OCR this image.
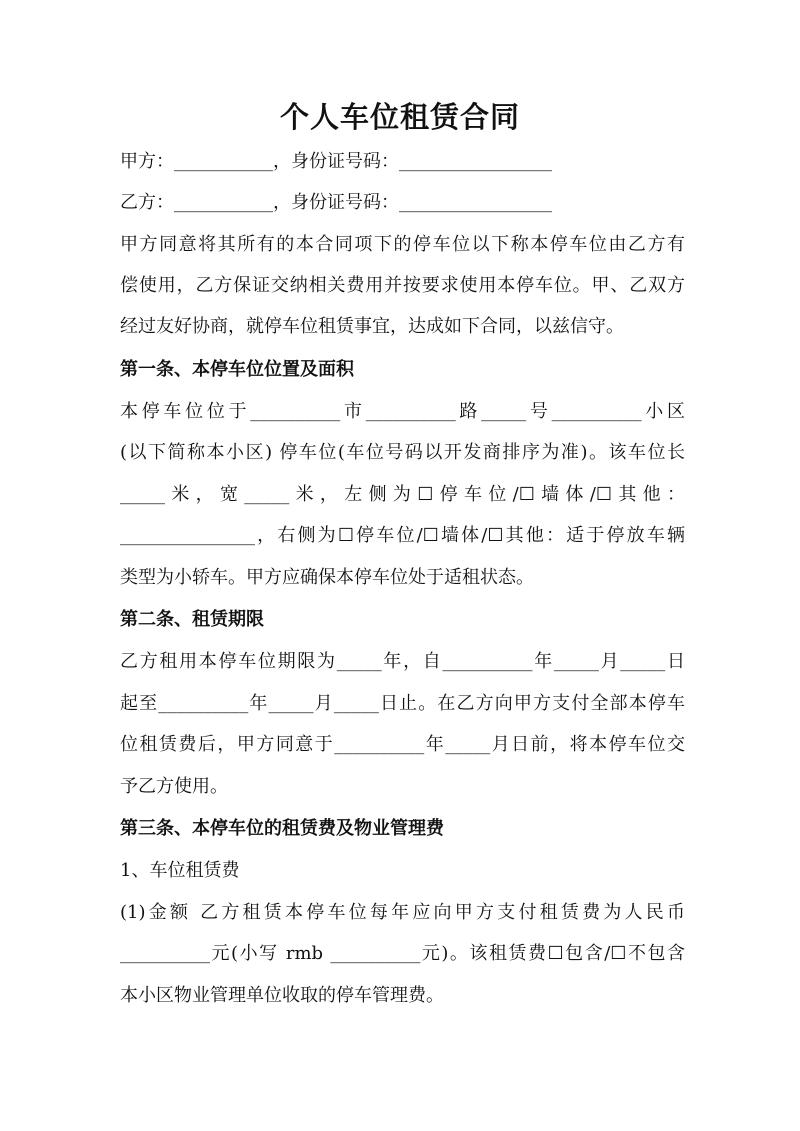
个人车位租赁合同
甲方：___________，身份证号码：_________________
乙方：___________，身份证号码：_________________
甲方同意将其所有的本合同项下的停车位以下称本停车位由乙方有
偿使用，乙方保证交纳相关费用并按要求使用本停车位。甲、乙双方
经过友好协商，就停车位租赁事宜，达成如下合同，以兹信守。
第一条、本停车位位置及面积
本停车位位于__________市__________路_____号__________小区
(以下简称本小区) 停车位(车位号码以开发商排序为准)。该车位长
_____米，宽_____米，左侧为☐停车位/☐墙体/☐其他：
_______________，右侧为☐停车位/☐墙体/☐其他：适于停放车辆
类型为小轿车。甲方应确保本停车位处于适租状态。
第二条、租赁期限
乙方租用本停车位期限为_____年，自__________年_____月_____日
起至__________年_____月_____日止。在乙方向甲方支付全部本停车
位租赁费后，甲方同意于__________年_____月日前，将本停车位交
予乙方使用。
第三条、本停车位的租赁费及物业管理费
1、车位租赁费
(1)金额 乙方租赁本停车位每年应向甲方支付租赁费为人民币
__________元(小写 rmb __________元)。该租赁费☐包含/☐不包含
本小区物业管理单位收取的停车管理费。
